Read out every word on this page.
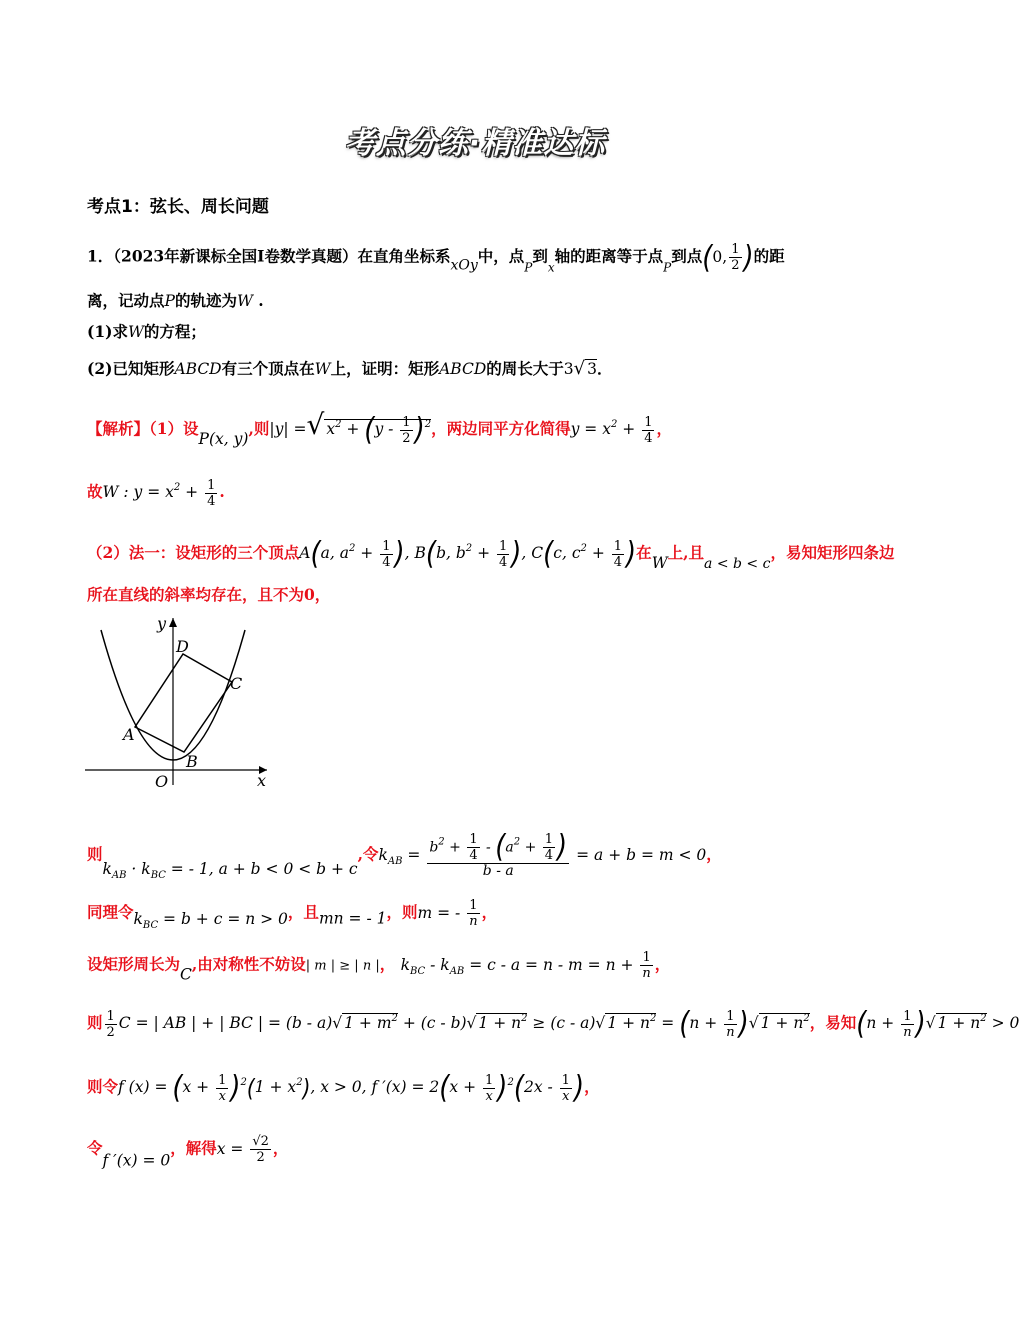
考点分练·精准达标
考点1：弦长、周长问题
1．（2023年新课标全国Ⅰ卷数学真题）在直角坐标系xOy中，点$_P$到$_x$轴的距离等于点$_P$到点(0, $\frac{1}{2}$ )的距
离，记动点P的轨迹为W .
(1)求W的方程；
(2)已知矩形ABCD有三个顶点在W上，证明：矩形ABCD的周长大于3√ 3．
【解析】（1）设P(x, y),则|y| =√ $x^2 + (y - \frac{1}{2} )^2$，两边同平方化简得$y = x^2 + \frac{1}{4}$ ，
故W : $y = x^2 + \frac{1}{4}$ .
（2）法一：设矩形的三个顶点A(a, $a^2 + \frac{1}{4}$ ), B(b, $b^2 + \frac{1}{4}$ ), C(c, $c^2 + \frac{1}{4}$ )在W上,且a < b < c，易知矩形四条边
所在直线的斜率均存在，且不为0，
y
x
O
A
B
C
D
则$k_{AB} \cdot k_{BC}$ = - 1, a + b < 0 < b + c,令$k_{AB} = \frac{b^2 + \frac{1}{4} - (a^2 + \frac{1}{4} )}{b - a} = a + b = m < 0$，
同理令$k_{BC} = b + c = n > 0$，且mn = - 1，则m = - $\frac{1}{n}$ ，
设矩形周长为C,由对称性不妨设| m | ≥ | n |， $k_{BC} - k_{AB} = c - a = n - m = n + \frac{1}{n}$ ，
则 $\frac{1}{2}$ C = | AB | + | BC | = (b - a)√ $1 + m^2 + (c - b)√$ $1 + n^2 \ge (c - a)√$ $1 + n^2 = (n + \frac{1}{n}$ )√ $1 + n^2$，易知($n + \frac{1}{n}$ )√ $1 + n^2 > 0$
则令f $(x) = (x + \frac{1}{x} )^2(1 + x^2)$, x > 0, f $'(x) = 2(x + \frac{1}{x} )^2(2x - \frac{1}{x}$ )，
令f ′(x) = 0，解得$x = \frac{√2}{2}$ ，
